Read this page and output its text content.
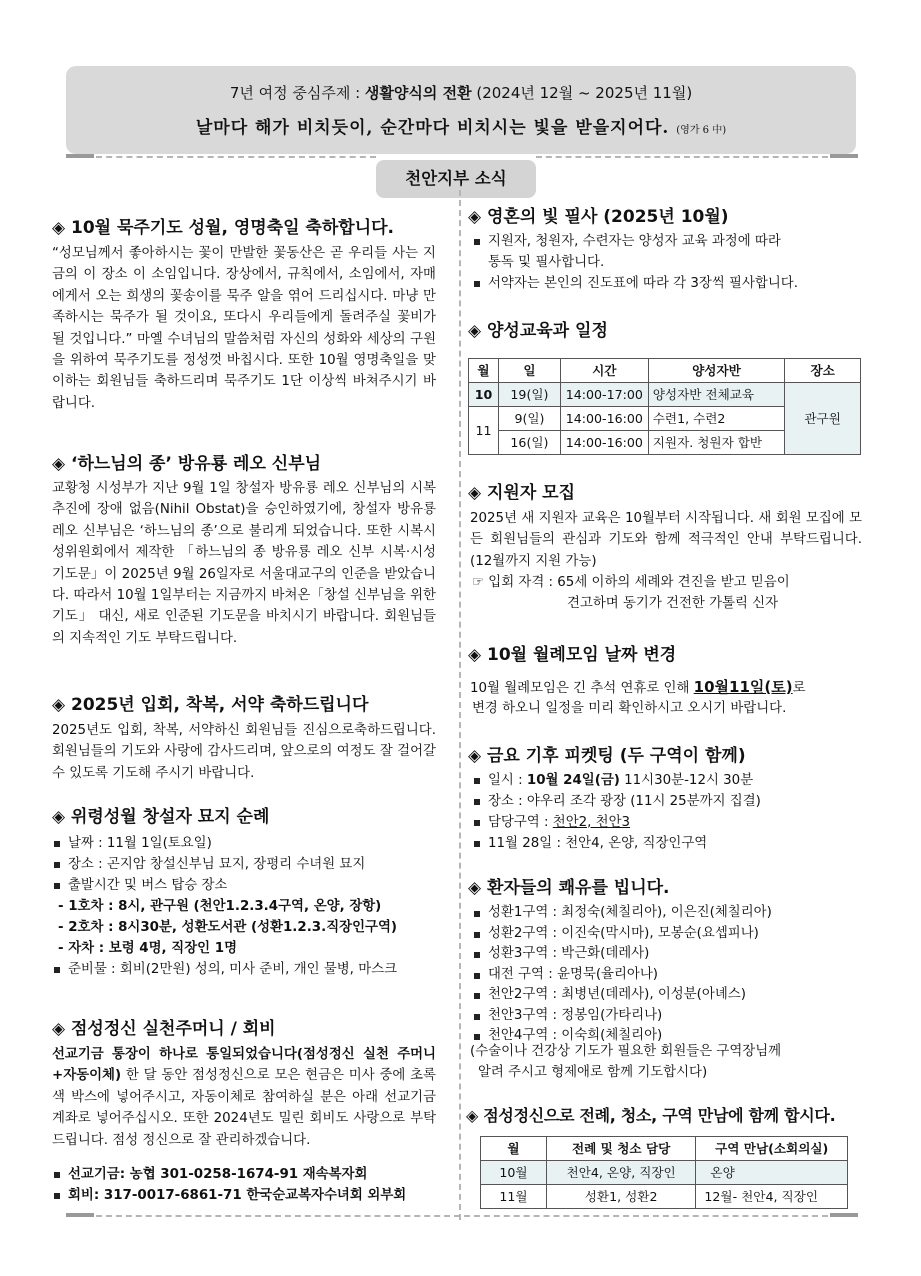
7년 여정 중심주제 : 생활양식의 전환 (2024년 12월 ~ 2025년 11월)
날마다 해가 비치듯이, 순간마다 비치시는 빛을 받을지어다. (영가 6 中)
천안지부 소식
◈ 10월 묵주기도 성월, 영명축일 축하합니다.
“성모님께서 좋아하시는 꽃이 만발한 꽃동산은 곧 우리들 사는 지금의 이 장소 이 소임입니다. 장상에서, 규칙에서, 소임에서, 자매에게서 오는 희생의 꽃송이를 묵주 알을 엮어 드리십시다. 마냥 만족하시는 묵주가 될 것이요, 또다시 우리들에게 돌려주실 꽃비가 될 것입니다.” 마옐 수녀님의 말씀처럼 자신의 성화와 세상의 구원을 위하여 묵주기도를 정성껏 바칩시다. 또한 10월 영명축일을 맞이하는 회원님들 축하드리며 묵주기도 1단 이상씩 바쳐주시기 바랍니다.
◈ ‘하느님의 종’ 방유룡 레오 신부님
교황청 시성부가 지난 9월 1일 창설자 방유룡 레오 신부님의 시복 추진에 장애 없음(Nihil Obstat)을 승인하였기에, 창설자 방유룡 레오 신부님은 ‘하느님의 종’으로 불리게 되었습니다. 또한 시복시성위원회에서 제작한 「하느님의 종 방유룡 레오 신부 시복·시성 기도문」이 2025년 9월 26일자로 서울대교구의 인준을 받았습니다. 따라서 10월 1일부터는 지금까지 바쳐온「창설 신부님을 위한 기도」 대신, 새로 인준된 기도문을 바치시기 바랍니다. 회원님들의 지속적인 기도 부탁드립니다.
◈ 2025년 입회, 착복, 서약 축하드립니다
2025년도 입회, 착복, 서약하신 회원님들 진심으로축하드립니다. 회원님들의 기도와 사랑에 감사드리며, 앞으로의 여정도 잘 걸어갈 수 있도록 기도해 주시기 바랍니다.
◈ 위령성월 창설자 묘지 순례
날짜 : 11월 1일(토요일)
장소 : 곤지암 창설신부님 묘지, 장평리 수녀원 묘지
출발시간 및 버스 탑승 장소
- 1호차 : 8시, 관구원 (천안1.2.3.4구역, 온양, 장항)
- 2호차 : 8시30분, 성환도서관 (성환1.2.3.직장인구역)
- 자차 : 보령 4명, 직장인 1명
준비물 : 회비(2만원) 성의, 미사 준비, 개인 물병, 마스크
◈ 점성정신 실천주머니 / 회비
선교기금 통장이 하나로 통일되었습니다(점성정신 실천 주머니+자동이체) 한 달 동안 점성정신으로 모은 현금은 미사 중에 초록색 박스에 넣어주시고, 자동이체로 참여하실 분은 아래 선교기금 계좌로 넣어주십시오. 또한 2024년도 밀린 회비도 사랑으로 부탁드립니다. 점성 정신으로 잘 관리하겠습니다.
선교기금: 농협 301-0258-1674-91 재속복자회
회비: 317-0017-6861-71 한국순교복자수녀회 외부회
◈ 영혼의 빛 필사 (2025년 10월)
지원자, 청원자, 수련자는 양성자 교육 과정에 따라
통독 및 필사합니다.
서약자는 본인의 진도표에 따라 각 3장씩 필사합니다.
◈ 양성교육과 일정
월	일	시간	양성자반	장소
10	19(일)	14:00-17:00	양성자반 전체교육	관구원
11	9(일)	14:00-16:00	수련1, 수련2	
	16(일)	14:00-16:00	지원자. 청원자 합반	
◈ 지원자 모집
2025년 새 지원자 교육은 10월부터 시작됩니다. 새 회원 모집에 모든 회원님들의 관심과 기도와 함께 적극적인 안내 부탁드립니다. (12월까지 지원 가능)
☞ 입회 자격 : 65세 이하의 세례와 견진을 받고 믿음이
견고하며 동기가 건전한 가톨릭 신자
◈ 10월 월례모임 날짜 변경
10월 월례모임은 긴 추석 연휴로 인해 10월11일(토)로
변경 하오니 일정을 미리 확인하시고 오시기 바랍니다.
◈ 금요 기후 피켓팅 (두 구역이 함께)
일시 : 10월 24일(금) 11시30분-12시 30분
장소 : 야우리 조각 광장 (11시 25분까지 집결)
담당구역 : 천안2, 천안3
11월 28일 : 천안4, 온양, 직장인구역
◈ 환자들의 쾌유를 빕니다.
성환1구역 : 최정숙(체칠리아), 이은진(체칠리아)
성환2구역 : 이진숙(막시마), 모봉순(요셉피나)
성환3구역 : 박근화(데레사)
대전 구역 : 윤명묵(율리아나)
천안2구역 : 최병년(데레사), 이성분(아녜스)
천안3구역 : 정봉임(가타리나)
천안4구역 : 이숙희(체칠리아)
(수술이나 건강상 기도가 필요한 회원들은 구역장님께
알려 주시고 형제애로 함께 기도합시다)
◈ 점성정신으로 전례, 청소, 구역 만남에 함께 합시다.
월	전례 및 청소 담당	구역 만남(소회의실)
10월	천안4, 온양, 직장인	온양
11월	성환1, 성환2	12월- 천안4, 직장인
